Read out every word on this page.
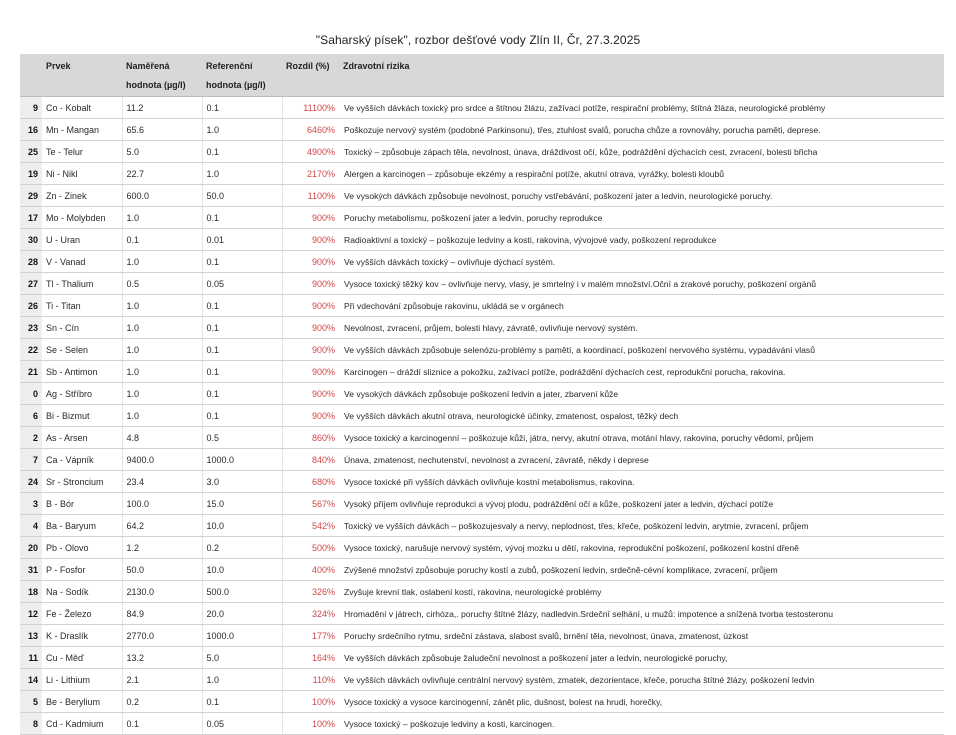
"Saharský písek", rozbor dešťové vody Zlín II, Čr, 27.3.2025
	Prvek	Naměřená
hodnota (µg/l)	Referenční
hodnota (µg/l)	Rozdíl (%)	Zdravotní rizika
9	Co - Kobalt	11.2	0.1	11100%	Ve vyšších dávkách toxický pro srdce a štítnou žlázu, zažívací potíže, respirační problémy, štítná žláza, neurologické problémy
16	Mn - Mangan	65.6	1.0	6460%	Poškozuje nervový systém (podobné Parkinsonu), třes, ztuhlost svalů, porucha chůze a rovnováhy, porucha paměti, deprese.
25	Te - Telur	5.0	0.1	4900%	Toxický – způsobuje zápach těla, nevolnost, únava, dráždivost očí, kůže, podráždění dýchacích cest, zvracení, bolesti břicha
19	Ni - Nikl	22.7	1.0	2170%	Alergen a karcinogen – způsobuje ekzémy a respirační potíže, akutní otrava, vyrážky, bolesti kloubů
29	Zn - Zinek	600.0	50.0	1100%	Ve vysokých dávkách způsobuje nevolnost, poruchy vstřebávání, poškození jater a ledvin, neurologické poruchy.
17	Mo - Molybden	1.0	0.1	900%	Poruchy metabolismu, poškození jater a ledvin, poruchy reprodukce
30	U - Uran	0.1	0.01	900%	Radioaktivní a toxický – poškozuje ledviny a kosti, rakovina, vývojové vady, poškození reprodukce
28	V - Vanad	1.0	0.1	900%	Ve vyšších dávkách toxický – ovlivňuje dýchací systém.
27	Tl - Thalium	0.5	0.05	900%	Vysoce toxický těžký kov – ovlivňuje nervy, vlasy, je smrtelný i v malém množství.Oční a zrakové poruchy, poškození orgánů
26	Ti - Titan	1.0	0.1	900%	Při vdechování způsobuje rakovinu, ukládá se v orgánech
23	Sn - Cín	1.0	0.1	900%	Nevolnost, zvracení, průjem, bolesti hlavy, závratě, ovlivňuje nervový systém.
22	Se - Selen	1.0	0.1	900%	Ve vyšších dávkách způsobuje selenózu-problémy s pamětí, a koordinací, poškození nervového systému, vypadávání vlasů
21	Sb - Antimon	1.0	0.1	900%	Karcinogen – dráždí sliznice a pokožku, zažívací potíže, podráždění dýchacích cest, reprodukční porucha, rakovina.
0	Ag - Stříbro	1.0	0.1	900%	Ve vysokých dávkách způsobuje poškození ledvin a jater, zbarvení kůže
6	Bi - Bizmut	1.0	0.1	900%	Ve vyšších dávkách akutní otrava, neurologické účinky, zmatenost, ospalost, těžký dech
2	As - Arsen	4.8	0.5	860%	Vysoce toxický a karcinogenní – poškozuje kůži, játra, nervy, akutní otrava, motání hlavy, rakovina, poruchy vědomí, průjem
7	Ca - Vápník	9400.0	1000.0	840%	Únava, zmatenost, nechutenství, nevolnost a zvracení, závratě, někdy i deprese
24	Sr - Stroncium	23.4	3.0	680%	Vysoce toxické při vyšších dávkách ovlivňuje kostní metabolismus, rakovina.
3	B - Bór	100.0	15.0	567%	Vysoký příjem ovlivňuje reprodukci a vývoj plodu, podráždění očí a kůže, poškození jater a ledvin, dýchací potíže
4	Ba - Baryum	64.2	10.0	542%	Toxický ve vyšších dávkách – poškozujesvaly a nervy, neplodnost, třes, křeče, poškození ledvin, arytmie, zvracení, průjem
20	Pb - Olovo	1.2	0.2	500%	Vysoce toxický, narušuje nervový systém, vývoj mozku u dětí, rakovina, reprodukční poškození, poškození kostní dřeně
31	P - Fosfor	50.0	10.0	400%	Zvýšené množství způsobuje poruchy kostí a zubů, poškození ledvin, srdečně-cévní komplikace, zvracení, průjem
18	Na - Sodík	2130.0	500.0	326%	Zvyšuje krevní tlak, oslabení kostí, rakovina, neurologické problémy
12	Fe - Železo	84.9	20.0	324%	Hromadění v játrech, cirhóza,. poruchy štítné žlázy, nadledvin.Srdeční selhání, u mužů: impotence a snížená tvorba testosteronu
13	K - Draslík	2770.0	1000.0	177%	Poruchy srdečního rytmu, srdeční zástava, slabost svalů, brnění těla, nevolnost, únava, zmatenost, úzkost
11	Cu - Měď	13.2	5.0	164%	Ve vyšších dávkách způsobuje žaludeční nevolnost a poškození jater a ledvin, neurologické poruchy,
14	Li - Lithium	2.1	1.0	110%	Ve vyšších dávkách ovlivňuje centrální nervový systém, zmatek, dezorientace, křeče, porucha štítné žlázy, poškození ledvin
5	Be - Berylium	0.2	0.1	100%	Vysoce toxický a vysoce karcinogenní, zánět plic, dušnost, bolest na hrudi, horečky,
8	Cd - Kadmium	0.1	0.05	100%	Vysoce toxický – poškozuje ledviny a kosti, karcinogen.
